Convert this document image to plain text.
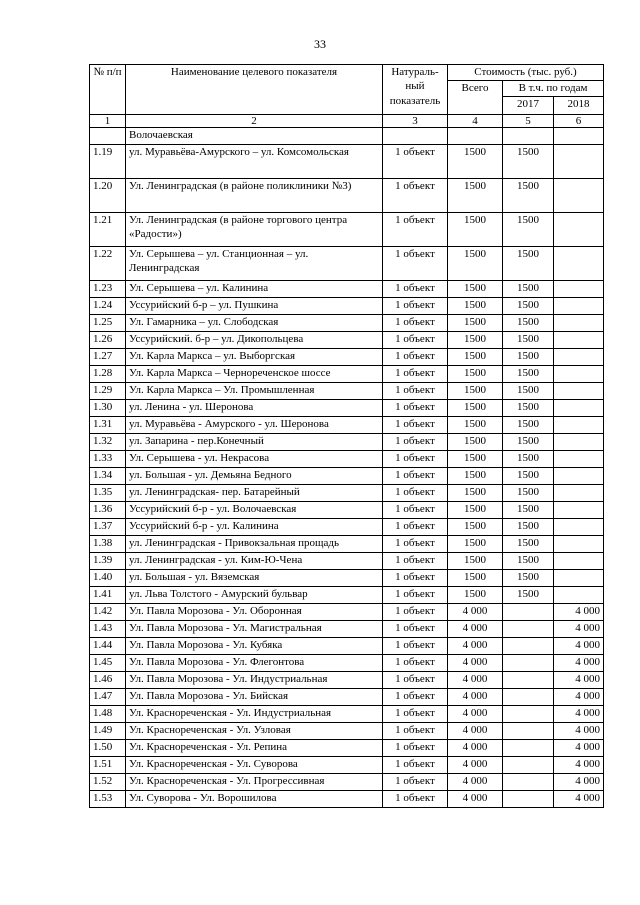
33
№ п/п	Наименование целевого показателя	Натураль-ный показатель	Стоимость (тыс. руб.)		
			Всего	В т.ч. по годам	
				2017	2018
1	2	3	4	5	6
	Волочаевская				
1.19	ул. Муравьёва-Амурского – ул. Комсомольская	1 объект	1500	1500	
1.20	Ул. Ленинградская (в районе поликлиники №3)	1 объект	1500	1500	
1.21	Ул. Ленинградская (в районе торгового центра «Радости»)	1 объект	1500	1500	
1.22	Ул. Серышева – ул. Станционная – ул. Ленинградская	1 объект	1500	1500	
1.23	Ул. Серышева – ул. Калинина	1 объект	1500	1500	
1.24	Уссурийский б-р – ул. Пушкина	1 объект	1500	1500	
1.25	Ул. Гамарника – ул. Слободская	1 объект	1500	1500	
1.26	Уссурийский. б-р – ул. Дикопольцева	1 объект	1500	1500	
1.27	Ул. Карла Маркса – ул. Выборгская	1 объект	1500	1500	
1.28	Ул. Карла Маркса – Чернореченское шоссе	1 объект	1500	1500	
1.29	Ул. Карла Маркса – Ул. Промышленная	1 объект	1500	1500	
1.30	ул. Ленина - ул. Шеронова	1 объект	1500	1500	
1.31	ул. Муравьёва - Амурского - ул. Шеронова	1 объект	1500	1500	
1.32	ул. Запарина - пер.Конечный	1 объект	1500	1500	
1.33	Ул. Серышева - ул. Некрасова	1 объект	1500	1500	
1.34	ул. Большая - ул. Демьяна Бедного	1 объект	1500	1500	
1.35	ул. Ленинградская- пер. Батарейный	1 объект	1500	1500	
1.36	Уссурийский б-р - ул. Волочаевская	1 объект	1500	1500	
1.37	Уссурийский б-р - ул. Калинина	1 объект	1500	1500	
1.38	ул. Ленинградская - Привокзальная прощадь	1 объект	1500	1500	
1.39	ул. Ленинградская - ул. Ким-Ю-Чена	1 объект	1500	1500	
1.40	ул. Большая - ул. Вяземская	1 объект	1500	1500	
1.41	ул. Льва Толстого - Амурский бульвар	1 объект	1500	1500	
1.42	Ул. Павла Морозова - Ул. Оборонная	1 объект	4 000		4 000
1.43	Ул. Павла Морозова - Ул. Магистральная	1 объект	4 000		4 000
1.44	Ул. Павла Морозова - Ул. Кубяка	1 объект	4 000		4 000
1.45	Ул. Павла Морозова - Ул. Флегонтова	1 объект	4 000		4 000
1.46	Ул. Павла Морозова - Ул. Индустриальная	1 объект	4 000		4 000
1.47	Ул. Павла Морозова - Ул. Бийская	1 объект	4 000		4 000
1.48	Ул. Краснореченская - Ул. Индустриальная	1 объект	4 000		4 000
1.49	Ул. Краснореченская - Ул. Узловая	1 объект	4 000		4 000
1.50	Ул. Краснореченская - Ул. Репина	1 объект	4 000		4 000
1.51	Ул. Краснореченская - Ул. Суворова	1 объект	4 000		4 000
1.52	Ул. Краснореченская - Ул. Прогрессивная	1 объект	4 000		4 000
1.53	Ул. Суворова - Ул. Ворошилова	1 объект	4 000		4 000
